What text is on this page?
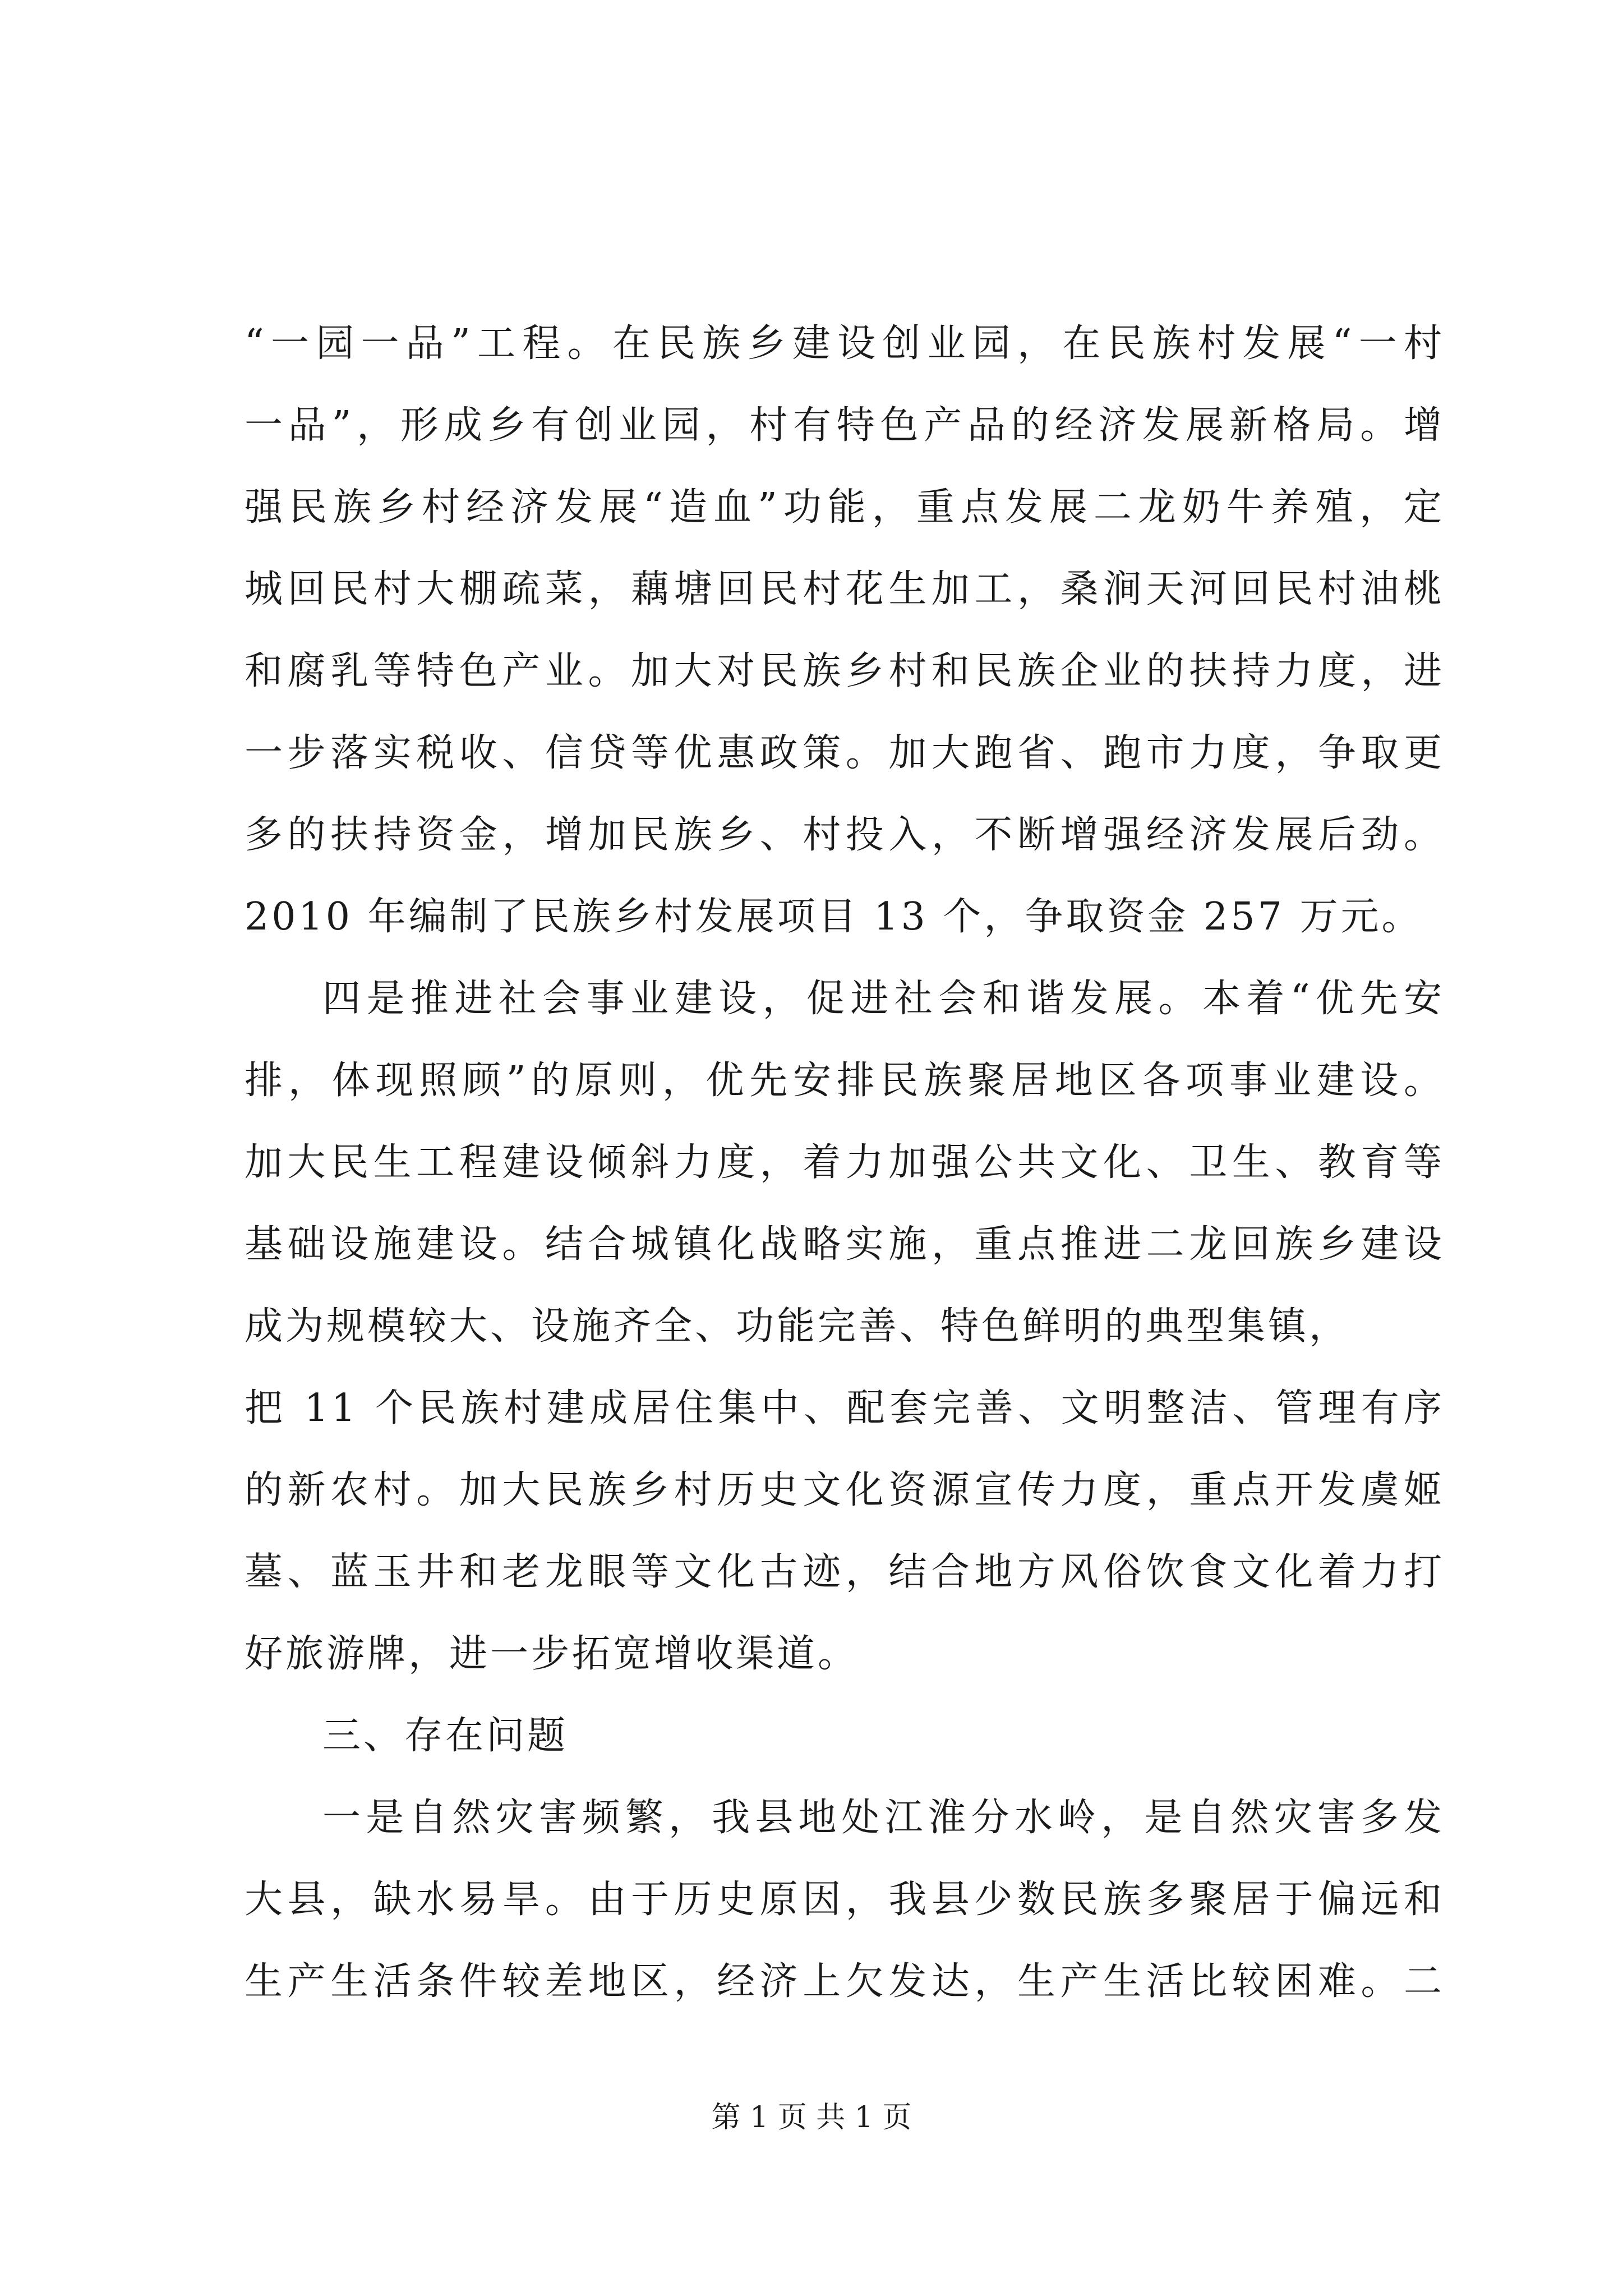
“一园一品”工程。在民族乡建设创业园，在民族村发展“一村
一品”，形成乡有创业园，村有特色产品的经济发展新格局。增
强民族乡村经济发展“造血”功能，重点发展二龙奶牛养殖，定
城回民村大棚疏菜，藕塘回民村花生加工，桑涧天河回民村油桃
和腐乳等特色产业。加大对民族乡村和民族企业的扶持力度，进
一步落实税收、信贷等优惠政策。加大跑省、跑市力度，争取更
多的扶持资金，增加民族乡、村投入，不断增强经济发展后劲。
2010 年编制了民族乡村发展项目 13 个，争取资金 257 万元。
四是推进社会事业建设，促进社会和谐发展。本着“优先安
排，体现照顾”的原则，优先安排民族聚居地区各项事业建设。
加大民生工程建设倾斜力度，着力加强公共文化、卫生、教育等
基础设施建设。结合城镇化战略实施，重点推进二龙回族乡建设
成为规模较大、设施齐全、功能完善、特色鲜明的典型集镇，
把 11 个民族村建成居住集中、配套完善、文明整洁、管理有序
的新农村。加大民族乡村历史文化资源宣传力度，重点开发虞姬
墓、蓝玉井和老龙眼等文化古迹，结合地方风俗饮食文化着力打
好旅游牌，进一步拓宽增收渠道。
三、存在问题
一是自然灾害频繁，我县地处江淮分水岭，是自然灾害多发
大县，缺水易旱。由于历史原因，我县少数民族多聚居于偏远和
生产生活条件较差地区，经济上欠发达，生产生活比较困难。二
第 1 页 共 1 页
